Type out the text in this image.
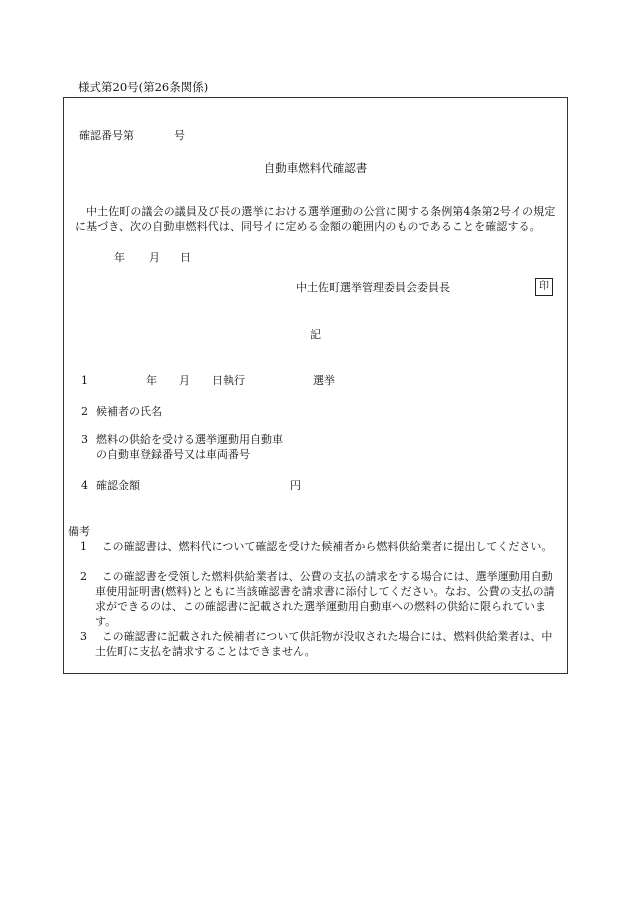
様式第20号(第26条関係)
確認番号第	号
自動車燃料代確認書
中土佐町の議会の議員及び長の選挙における選挙運動の公営に関する条例第4条第2号イの規定に基づき、次の自動車燃料代は、同号イに定める金額の範囲内のものであることを確認する。
年 月 日
中土佐町選挙管理委員会委員長	印
記
1	年 月 日執行	選挙
2 候補者の氏名
3 燃料の供給を受ける選挙運動用自動車
の自動車登録番号又は車両番号
4 確認金額	円
備考
1	この確認書は、燃料代について確認を受けた候補者から燃料供給業者に提出してください。
2	この確認書を受領した燃料供給業者は、公費の支払の請求をする場合には、選挙運動用自動車使用証明書(燃料)とともに当該確認書を請求書に添付してください。なお、公費の支払の請求ができるのは、この確認書に記載された選挙運動用自動車への燃料の供給に限られています。
3	この確認書に記載された候補者について供託物が没収された場合には、燃料供給業者は、中土佐町に支払を請求することはできません。
